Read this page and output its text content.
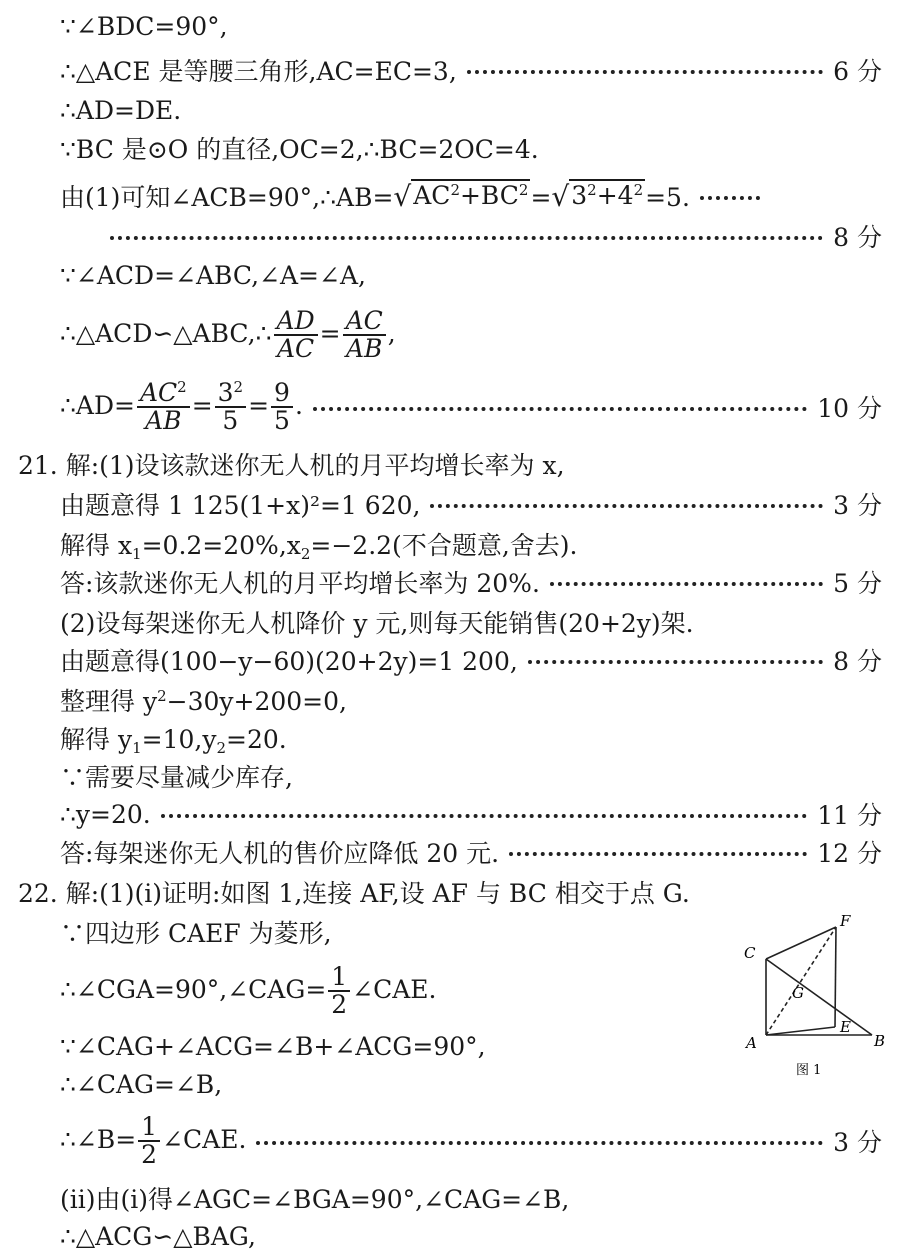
∵∠BDC=90°,
∴△ACE 是等腰三角形,AC=EC=3,	6 分
∴AD=DE.
∵BC 是⊙O 的直径,OC=2,∴BC=2OC=4.
由(1)可知∠ACB=90°,∴AB= √ $AC^2+BC^2$ = √ $3^2+4^2 =5$.
8 分
∵∠ACD=∠ABC,∠A=∠A,
∴△ACD∽△ABC,∴ $\frac{AD}{AC} = \frac{AC}{AB}$ ,
∴AD= $\frac{AC^2}{AB} = \frac{3^2}{5} = \frac{9}{5}$ .	10 分
21. 解:(1)设该款迷你无人机的月平均增长率为 x,
由题意得 1 125(1+x)²=1 620,	3 分
解得 $x_1=0.2=20\%,x_2=-2.2$(不合题意,舍去).
答:该款迷你无人机的月平均增长率为 20%.	5 分
(2)设每架迷你无人机降价 y 元,则每天能销售(20+2y)架.
由题意得(100−y−60)(20+2y)=1 200,	8 分
整理得 $y^2-30y+200=0$,
解得 $y_1=10,y_2=20$.
∵需要尽量减少库存,
∴y=20.	11 分
答:每架迷你无人机的售价应降低 20 元.	12 分
22. 解:(1)(ⅰ)证明:如图 1,连接 AF,设 AF 与 BC 相交于点 G.
∵四边形 CAEF 为菱形,
∴∠CGA=90°,∠CAG= $\frac{1}{2}$ ∠CAE.
∵∠CAG+∠ACG=∠B+∠ACG=90°,
∴∠CAG=∠B,
∴∠B= $\frac{1}{2}$ ∠CAE.	3 分
(ⅱ)由(ⅰ)得∠AGC=∠BGA=90°,∠CAG=∠B,
∴△ACG∽△BAG,
C
F
G
E
A	B
图 1
